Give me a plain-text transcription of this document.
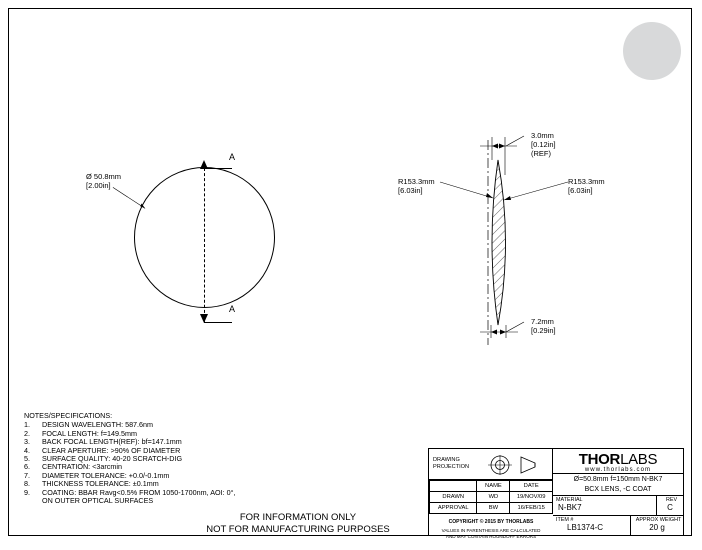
A
A
Ø 50.8mm
[2.00in]
3.0mm
[0.12in]
(REF)
R153.3mm
[6.03in]
R153.3mm
[6.03in]
7.2mm
[0.29in]
NOTES/SPECIFICATIONS:
1.	DESIGN WAVELENGTH: 587.6nm
2.	FOCAL LENGTH: f=149.5mm
3.	BACK FOCAL LENGTH(REF): bf=147.1mm
4.	CLEAR APERTURE: >90% OF DIAMETER
5.	SURFACE QUALITY: 40-20 SCRATCH-DIG
6.	CENTRATION: <3arcmin
7.	DIAMETER TOLERANCE: +0.0/-0.1mm
8.	THICKNESS TOLERANCE: ±0.1mm
9.	COATING: BBAR Ravg<0.5% FROM 1050-1700nm, AOI: 0°,
	ON OUTER OPTICAL SURFACES
FOR INFORMATION ONLY
NOT FOR MANUFACTURING PURPOSES
DRAWING
PROJECTION
	NAME	DATE
DRAWN	WD	19/NOV/09
APPROVAL	BW	16/FEB/15
COPYRIGHT © 2015 BY THORLABS
VALUES IN PARENTHESIS ARE CALCULATED
AND MAY CONTAIN ROUNDOFF ERRORS
THORLABS
www.thorlabs.com
Ø=50.8mm f=150mm N-BK7
BCX LENS, -C COAT
MATERIAL
N-BK7
REV
C
ITEM #
LB1374-C
APPROX WEIGHT
20 g
